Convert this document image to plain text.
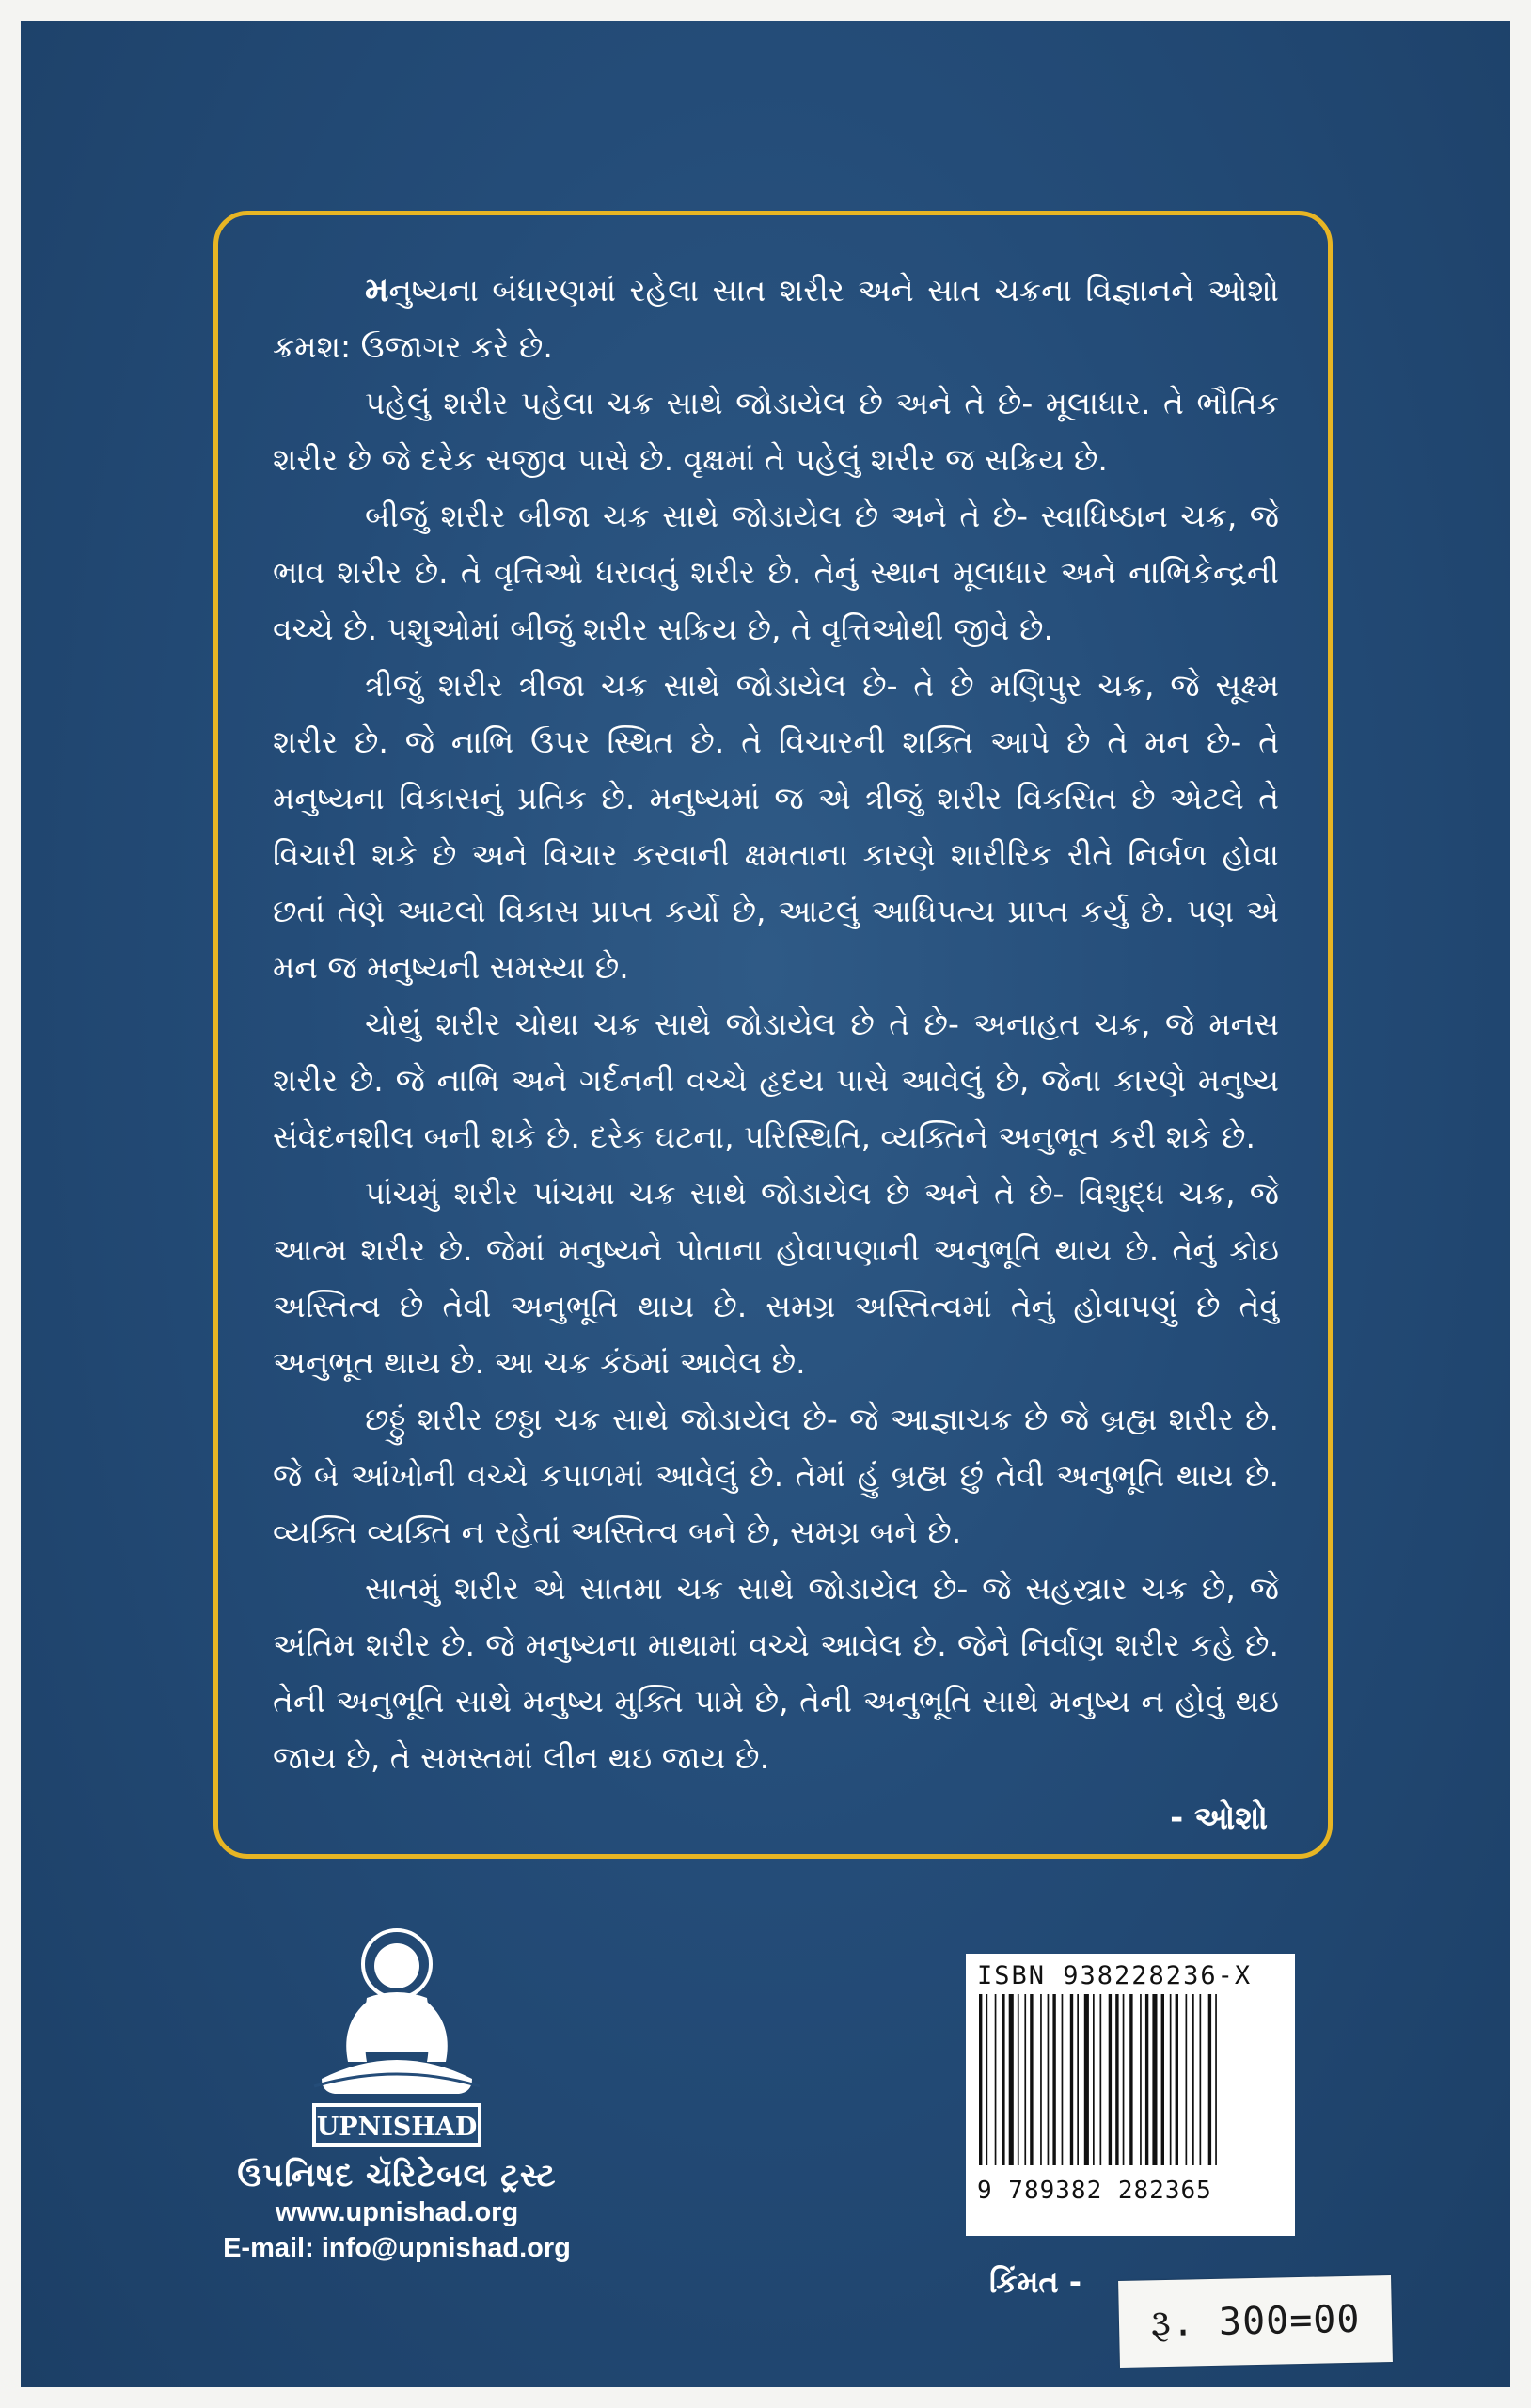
મનુષ્યના બંધારણમાં રહેલા સાત શરીર અને સાત ચક્રના વિજ્ઞાનને ઓશો ક્રમશ: ઉજાગર કરે છે.

પહેલું શરીર પહેલા ચક્ર સાથે જોડાયેલ છે અને તે છે- મૂલાધાર. તે ભૌતિક શરીર છે જે દરેક સજીવ પાસે છે. વૃક્ષમાં તે પહેલું શરીર જ સક્રિય છે.

બીજું શરીર બીજા ચક્ર સાથે જોડાયેલ છે અને તે છે- સ્વાધિષ્ઠાન ચક્ર, જે ભાવ શરીર છે. તે વૃત્તિઓ ધરાવતું શરીર છે. તેનું સ્થાન મૂલાધાર અને નાભિકેન્દ્રની વચ્ચે છે. પશુઓમાં બીજું શરીર સક્રિય છે, તે વૃત્તિઓથી જીવે છે.

ત્રીજું શરીર ત્રીજા ચક્ર સાથે જોડાયેલ છે- તે છે મણિપુર ચક્ર, જે સૂક્ષ્મ શરીર છે. જે નાભિ ઉપર સ્થિત છે. તે વિચારની શક્તિ આપે છે તે મન છે- તે મનુષ્યના વિકાસનું પ્રતિક છે. મનુષ્યમાં જ એ ત્રીજું શરીર વિકસિત છે એટલે તે વિચારી શકે છે અને વિચાર કરવાની ક્ષમતાના કારણે શારીરિક રીતે નિર્બળ હોવા છતાં તેણે આટલો વિકાસ પ્રાપ્ત કર્યો છે, આટલું આધિપત્ય પ્રાપ્ત કર્યુ છે. પણ એ મન જ મનુષ્યની સમસ્યા છે.

ચોથું શરીર ચોથા ચક્ર સાથે જોડાયેલ છે તે છે- અનાહત ચક્ર, જે મનસ શરીર છે. જે નાભિ અને ગર્દનની વચ્ચે હૃદય પાસે આવેલું છે, જેના કારણે મનુષ્ય સંવેદનશીલ બની શકે છે. દરેક ઘટના, પરિસ્થિતિ, વ્યક્તિને અનુભૂત કરી શકે છે.

પાંચમું શરીર પાંચમા ચક્ર સાથે જોડાયેલ છે અને તે છે- વિશુદ્ધ ચક્ર, જે આત્મ શરીર છે. જેમાં મનુષ્યને પોતાના હોવાપણાની અનુભૂતિ થાય છે. તેનું કોઇ અસ્તિત્વ છે તેવી અનુભૂતિ થાય છે. સમગ્ર અસ્તિત્વમાં તેનું હોવાપણું છે તેવું અનુભૂત થાય છે. આ ચક્ર કંઠમાં આવેલ છે.

છઠ્ઠું શરીર છઠ્ઠા ચક્ર સાથે જોડાયેલ છે- જે આજ્ઞાચક્ર છે જે બ્રહ્મ શરીર છે. જે બે આંખોની વચ્ચે કપાળમાં આવેલું છે. તેમાં હું બ્રહ્મ છું તેવી અનુભૂતિ થાય છે. વ્યક્તિ વ્યક્તિ ન રહેતાં અસ્તિત્વ બને છે, સમગ્ર બને છે.

સાતમું શરીર એ સાતમા ચક્ર સાથે જોડાયેલ છે- જે સહસ્ત્રાર ચક્ર છે, જે અંતિમ શરીર છે. જે મનુષ્યના માથામાં વચ્ચે આવેલ છે. જેને નિર્વાણ શરીર કહે છે. તેની અનુભૂતિ સાથે મનુષ્ય મુક્તિ પામે છે, તેની અનુભૂતિ સાથે મનુષ્ય ન હોવું થઇ જાય છે, તે સમસ્તમાં લીન થઇ જાય છે.

- ઓશો
UPNISHAD
ઉપનિષદ ચૅરિટેબલ ટ્રસ્ટ
www.upnishad.org
E-mail: info@upnishad.org
ISBN 938228236-X
9 789382 282365
કિંમત -
રૂ. 300=00
